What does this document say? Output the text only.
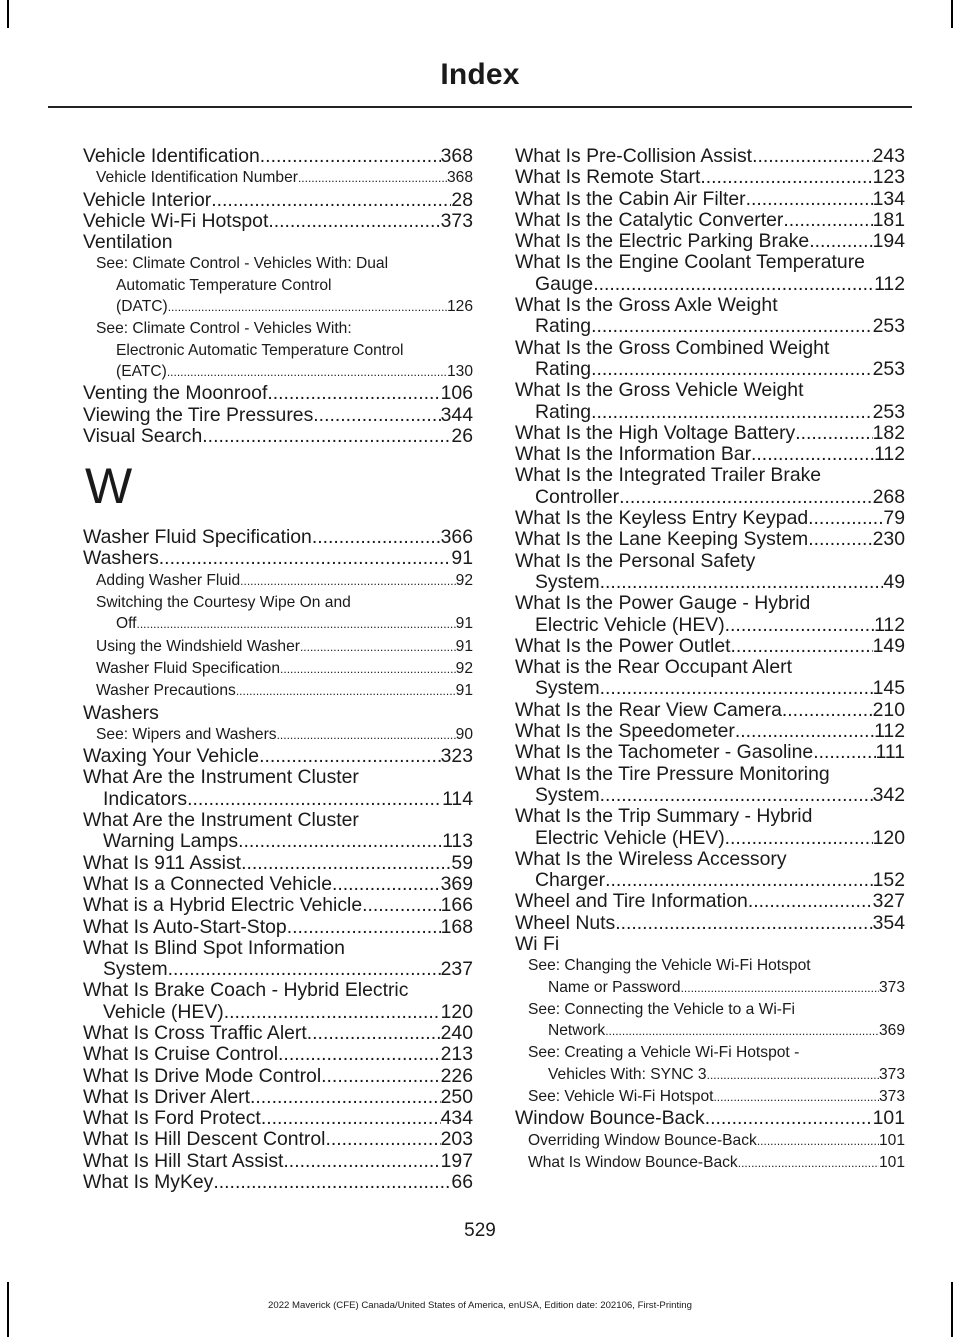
Index
Vehicle Identification .....	368
Vehicle Identification Number .....	368
Vehicle Interior .....	28
Vehicle Wi-Fi Hotspot .....	373
Ventilation
See: Climate Control - Vehicles With: Dual
Automatic Temperature Control
(DATC) .....	126
See: Climate Control - Vehicles With:
Electronic Automatic Temperature Control
(EATC) .....	130
Venting the Moonroof .....	106
Viewing the Tire Pressures .....	344
Visual Search .....	26
W
Washer Fluid Specification .....	366
Washers .....	91
Adding Washer Fluid .....	92
Switching the Courtesy Wipe On and
Off .....	91
Using the Windshield Washer .....	91
Washer Fluid Specification .....	92
Washer Precautions .....	91
Washers
See: Wipers and Washers .....	90
Waxing Your Vehicle .....	323
What Are the Instrument Cluster
Indicators .....	114
What Are the Instrument Cluster
Warning Lamps .....	113
What Is 911 Assist .....	59
What Is a Connected Vehicle .....	369
What is a Hybrid Electric Vehicle .....	166
What Is Auto-Start-Stop .....	168
What Is Blind Spot Information
System .....	237
What Is Brake Coach - Hybrid Electric
Vehicle (HEV) .....	120
What Is Cross Traffic Alert .....	240
What Is Cruise Control .....	213
What Is Drive Mode Control .....	226
What Is Driver Alert .....	250
What Is Ford Protect .....	434
What Is Hill Descent Control .....	203
What Is Hill Start Assist .....	197
What Is MyKey .....	66
What Is Pre-Collision Assist .....	243
What Is Remote Start .....	123
What Is the Cabin Air Filter .....	134
What Is the Catalytic Converter .....	181
What Is the Electric Parking Brake .....	194
What Is the Engine Coolant Temperature
Gauge .....	112
What Is the Gross Axle Weight
Rating .....	253
What Is the Gross Combined Weight
Rating .....	253
What Is the Gross Vehicle Weight
Rating .....	253
What Is the High Voltage Battery .....	182
What Is the Information Bar .....	112
What Is the Integrated Trailer Brake
Controller .....	268
What Is the Keyless Entry Keypad .....	79
What Is the Lane Keeping System .....	230
What Is the Personal Safety
System .....	49
What Is the Power Gauge - Hybrid
Electric Vehicle (HEV) .....	112
What Is the Power Outlet .....	149
What is the Rear Occupant Alert
System .....	145
What Is the Rear View Camera .....	210
What Is the Speedometer .....	112
What Is the Tachometer - Gasoline .....	111
What Is the Tire Pressure Monitoring
System .....	342
What Is the Trip Summary - Hybrid
Electric Vehicle (HEV) .....	120
What Is the Wireless Accessory
Charger .....	152
Wheel and Tire Information .....	327
Wheel Nuts .....	354
Wi Fi
See: Changing the Vehicle Wi-Fi Hotspot
Name or Password .....	373
See: Connecting the Vehicle to a Wi-Fi
Network .....	369
See: Creating a Vehicle Wi-Fi Hotspot -
Vehicles With: SYNC 3 .....	373
See: Vehicle Wi-Fi Hotspot .....	373
Window Bounce-Back .....	101
Overriding Window Bounce-Back .....	101
What Is Window Bounce-Back .....	101
529
2022 Maverick (CFE) Canada/United States of America, enUSA, Edition date: 202106, First-Printing
